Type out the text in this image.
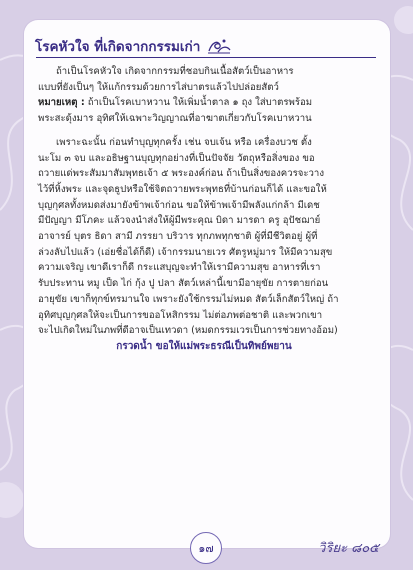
โรคหัวใจ ที่เกิดจากกรรมเก่า

ถ้าเป็นโรคหัวใจ เกิดจากกรรมที่ชอบกินเนื้อสัตว์เป็นอาหาร

แบบที่ยังเป็นๆ ให้แก้กรรมด้วยการไส่บาตรแล้วไปปล่อยสัตว์

หมายเหตุ : ถ้าเป็นโรคเบาหวาน ให้เพิ่มน้ำตาล ๑ ถุง ใส่บาตรพร้อม

พระสะดุ้งมาร อุทิศให้เฉพาะวิญญาณที่อาฆาตเกี่ยวกับโรคเบาหวาน

เพราะฉะนั้น ก่อนทำบุญทุกครั้ง เช่น จบเจ้น หรือ เครื่องบวช ตั้ง

นะโม ๓ จบ และอธิษฐานบุญทุกอย่างที่เป็นปัจจัย วัตถุหรือสิ่งของ ขอ

ถวายแด่พระสัมมาสัมพุทธเจ้า ๕ พระองค์ก่อน ถ้าเป็นสิ่งของควรจะวาง

ไว้ที่หิ้งพระ และจุดธูปหรือใช้จิตถวายพระพุทธที่บ้านก่อนก็ได้ และขอให้

บุญกุศลทั้งหมดส่งมายังข้าพเจ้าก่อน ขอให้ข้าพเจ้ามีพลังแก่กล้า มีเดช

มีปัญญา มีโภคะ แล้วจงนำส่งให้ผู้มีพระคุณ บิดา มารดา ครู อุปัชฌาย์

อาจารย์ บุตร ธิดา สามี ภรรยา บริวาร ทุกภพทุกชาติ ผู้ที่มีชีวิตอยู่ ผู้ที่

ล่วงลับไปแล้ว (เอ่ยชื่อได้ก็ดี) เจ้ากรรมนายเวร ศัตรูหมู่มาร ให้มีความสุข

ความเจริญ เขาดีเราก็ดี กระแสบุญจะทำให้เรามีความสุข อาหารที่เรา

รับประทาน หมู เป็ด ไก่ กุ้ง ปู ปลา สัตว์เหล่านี้เขามีอายุขัย การตายก่อน

อายุขัย เขาก็ทุกข์ทรมานใจ เพราะยังใช้กรรมไม่หมด สัตว์เล็กสัตว์ใหญ่ ถ้า

อุทิศบุญกุศลให้จะเป็นการขออโหสิกรรม ไม่ต่อภพต่อชาติ และพวกเขา

จะไปเกิดใหม่ในภพที่ดีอาจเป็นเทวดา (หมดกรรมเวรเป็นการช่วยทางอ้อม)

กรวดน้ำ ขอให้แม่พระธรณีเป็นทิพย์พยาน

๑๗	วิริยะ ๘๐๕
